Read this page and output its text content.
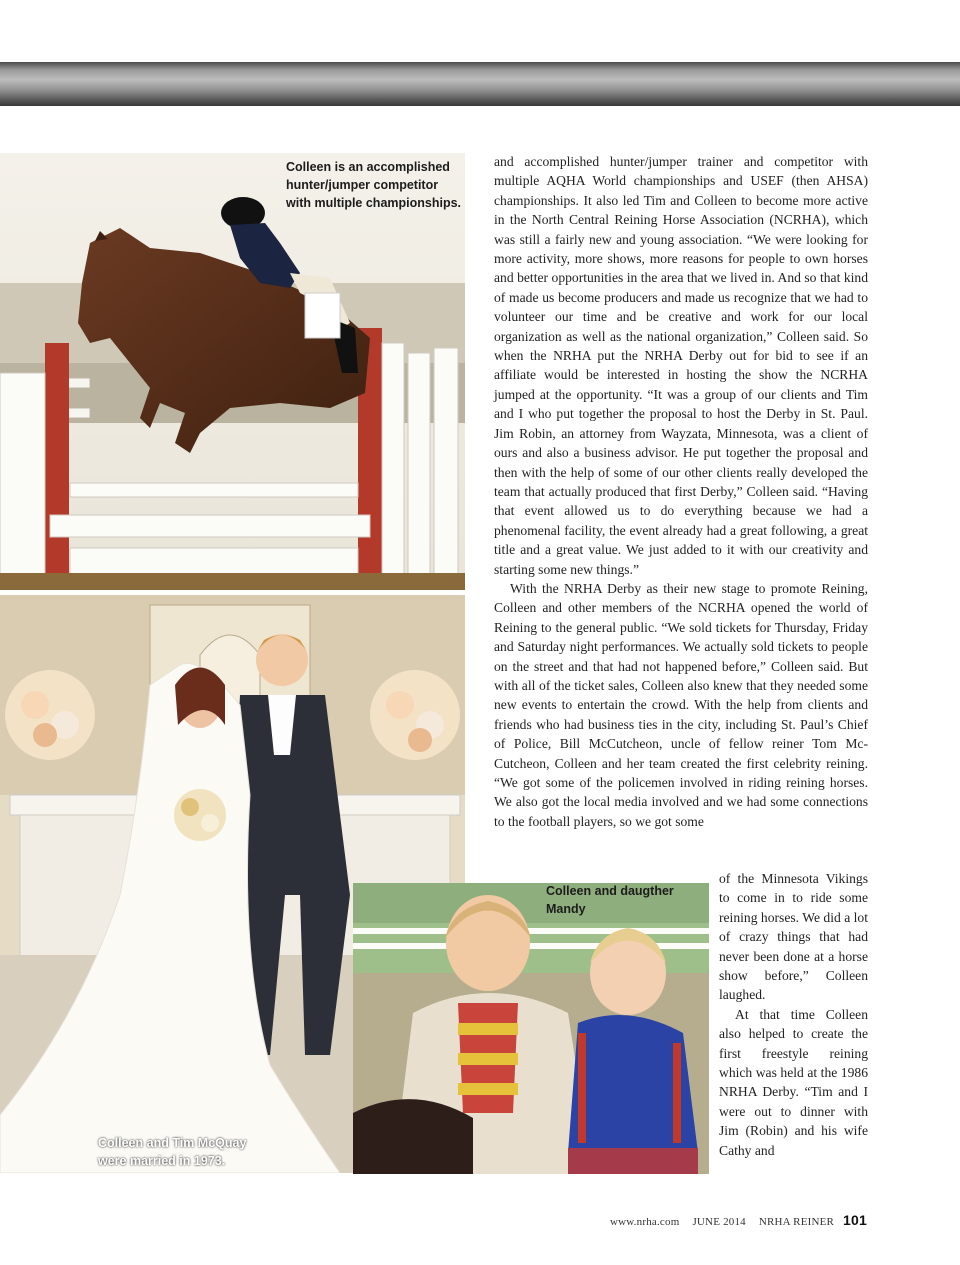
Colleen is an accomplished hunter/jumper competitor with multiple championships.
Colleen and Tim McQuay were married in 1973.
Colleen and daugther Mandy

and accomplished hunter/jumper trainer and competitor with multiple AQHA World championships and USEF (then AHSA) championships. It also led Tim and Colleen to become more active in the North Central Reining Horse Association (NCRHA), which was still a fairly new and young association. “We were looking for more activity, more shows, more reasons for people to own horses and better opportunities in the area that we lived in. And so that kind of made us become producers and made us recognize that we had to volunteer our time and be creative and work for our local organization as well as the national organization,” Colleen said. So when the NRHA put the NRHA Derby out for bid to see if an affiliate would be interested in hosting the show the NCRHA jumped at the opportunity. “It was a group of our clients and Tim and I who put together the proposal to host the Derby in St. Paul. Jim Robin, an attorney from Wayzata, Minnesota, was a client of ours and also a business advisor. He put together the proposal and then with the help of some of our other clients really developed the team that actually produced that first Derby,” Colleen said. “Having that event allowed us to do everything because we had a phenomenal facility, the event already had a great following, a great title and a great value. We just added to it with our creativity and starting some new things.”

With the NRHA Derby as their new stage to promote Reining, Colleen and other members of the NCRHA opened the world of Reining to the general public. “We sold tickets for Thursday, Friday and Saturday night performances. We actually sold tickets to people on the street and that had not happened before,” Colleen said. But with all of the ticket sales, Colleen also knew that they needed some new events to entertain the crowd. With the help from clients and friends who had business ties in the city, including St. Paul’s Chief of Police, Bill McCutcheon, uncle of fellow reiner Tom McCutcheon, Colleen and her team created the first celebrity reining. “We got some of the policemen involved in riding reining horses. We also got the local media involved and we had some connections to the football players, so we got some

of the Minnesota Vikings to come in to ride some reining horses. We did a lot of crazy things that had never been done at a horse show before,” Colleen laughed.

At that time Colleen also helped to create the first freestyle reining which was held at the 1986 NRHA Derby. “Tim and I were out to dinner with Jim (Robin) and his wife Cathy and

www.nrha.com JUNE 2014 NRHA REINER 101
